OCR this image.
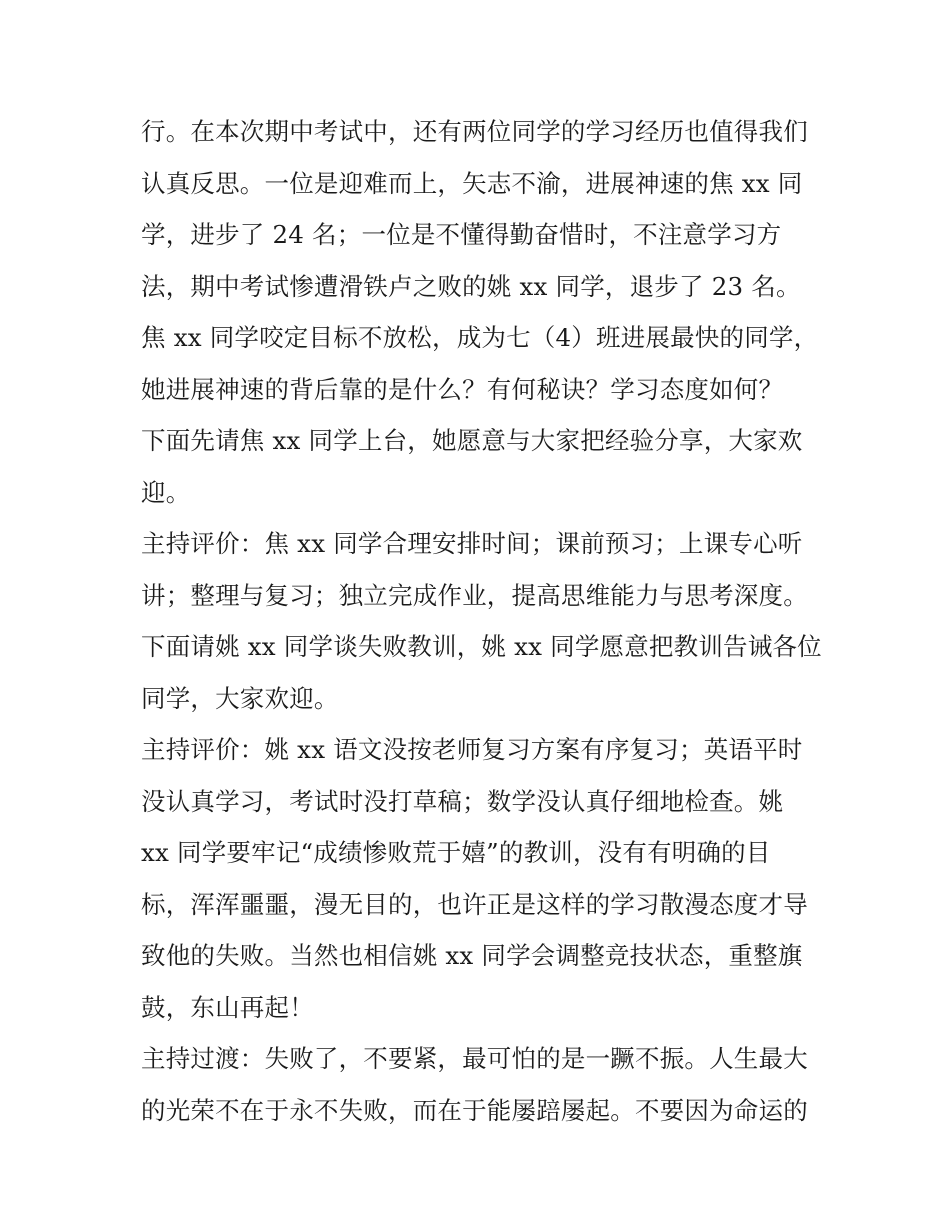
行。在本次期中考试中，还有两位同学的学习经历也值得我们
认真反思。一位是迎难而上，矢志不渝，进展神速的焦 xx 同
学，进步了 24 名；一位是不懂得勤奋惜时，不注意学习方
法，期中考试惨遭滑铁卢之败的姚 xx 同学，退步了 23 名。
焦 xx 同学咬定目标不放松，成为七（4）班进展最快的同学，
她进展神速的背后靠的是什么？有何秘诀？学习态度如何？
下面先请焦 xx 同学上台，她愿意与大家把经验分享，大家欢
迎。
主持评价：焦 xx 同学合理安排时间；课前预习；上课专心听
讲；整理与复习；独立完成作业，提高思维能力与思考深度。
下面请姚 xx 同学谈失败教训，姚 xx 同学愿意把教训告诫各位
同学，大家欢迎。
主持评价：姚 xx 语文没按老师复习方案有序复习；英语平时
没认真学习，考试时没打草稿；数学没认真仔细地检查。姚
xx 同学要牢记“成绩惨败荒于嬉”的教训，没有有明确的目
标，浑浑噩噩，漫无目的，也许正是这样的学习散漫态度才导
致他的失败。当然也相信姚 xx 同学会调整竞技状态，重整旗
鼓，东山再起！
主持过渡：失败了，不要紧，最可怕的是一蹶不振。人生最大
的光荣不在于永不失败，而在于能屡踣屡起。不要因为命运的
